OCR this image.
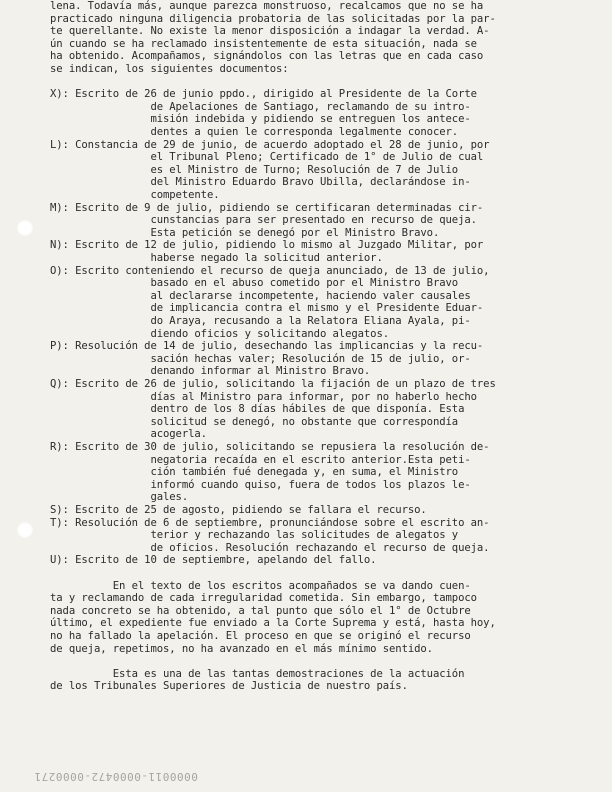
lena. Todavía más, aunque parezca monstruoso, recalcamos que no se ha
practicado ninguna diligencia probatoria de las solicitadas por la par-
te querellante. No existe la menor disposición a indagar la verdad. A-
ún cuando se ha reclamado insistentemente de esta situación, nada se
ha obtenido. Acompañamos, signándolos con las letras que en cada caso
se indican, los siguientes documentos:
X): Escrito de 26 de junio ppdo., dirigido al Presidente de la Corte
de Apelaciones de Santiago, reclamando de su intro-
misión indebida y pidiendo se entreguen los antece-
dentes a quien le corresponda legalmente conocer.
L): Constancia de 29 de junio, de acuerdo adoptado el 28 de junio, por
el Tribunal Pleno; Certificado de 1° de Julio de cual
es el Ministro de Turno; Resolución de 7 de Julio
del Ministro Eduardo Bravo Ubilla, declarándose in-
competente.
M): Escrito de 9 de julio, pidiendo se certificaran determinadas cir-
cunstancias para ser presentado en recurso de queja.
Esta petición se denegó por el Ministro Bravo.
N): Escrito de 12 de julio, pidiendo lo mismo al Juzgado Militar, por
haberse negado la solicitud anterior.
O): Escrito conteniendo el recurso de queja anunciado, de 13 de julio,
basado en el abuso cometido por el Ministro Bravo
al declararse incompetente, haciendo valer causales
de implicancia contra el mismo y el Presidente Eduar-
do Araya, recusando a la Relatora Eliana Ayala, pi-
diendo oficios y solicitando alegatos.
P): Resolución de 14 de julio, desechando las implicancias y la recu-
sación hechas valer; Resolución de 15 de julio, or-
denando informar al Ministro Bravo.
Q): Escrito de 26 de julio, solicitando la fijación de un plazo de tres
días al Ministro para informar, por no haberlo hecho
dentro de los 8 días hábiles de que disponía. Esta
solicitud se denegó, no obstante que correspondía
acogerla.
R): Escrito de 30 de julio, solicitando se repusiera la resolución de-
negatoria recaída en el escrito anterior.Esta peti-
ción también fué denegada y, en suma, el Ministro
informó cuando quiso, fuera de todos los plazos le-
gales.
S): Escrito de 25 de agosto, pidiendo se fallara el recurso.
T): Resolución de 6 de septiembre, pronunciándose sobre el escrito an-
terior y rechazando las solicitudes de alegatos y
de oficios. Resolución rechazando el recurso de queja.
U): Escrito de 10 de septiembre, apelando del fallo.
En el texto de los escritos acompañados se va dando cuen-
ta y reclamando de cada irregularidad cometida. Sin embargo, tampoco
nada concreto se ha obtenido, a tal punto que sólo el 1° de Octubre
último, el expediente fue enviado a la Corte Suprema y está, hasta hoy,
no ha fallado la apelación. El proceso en que se originó el recurso
de queja, repetimos, no ha avanzado en el más mínimo sentido.
Esta es una de las tantas demostraciones de la actuación
de los Tribunales Superiores de Justicia de nuestro país.
0000011-0000472-0000271
